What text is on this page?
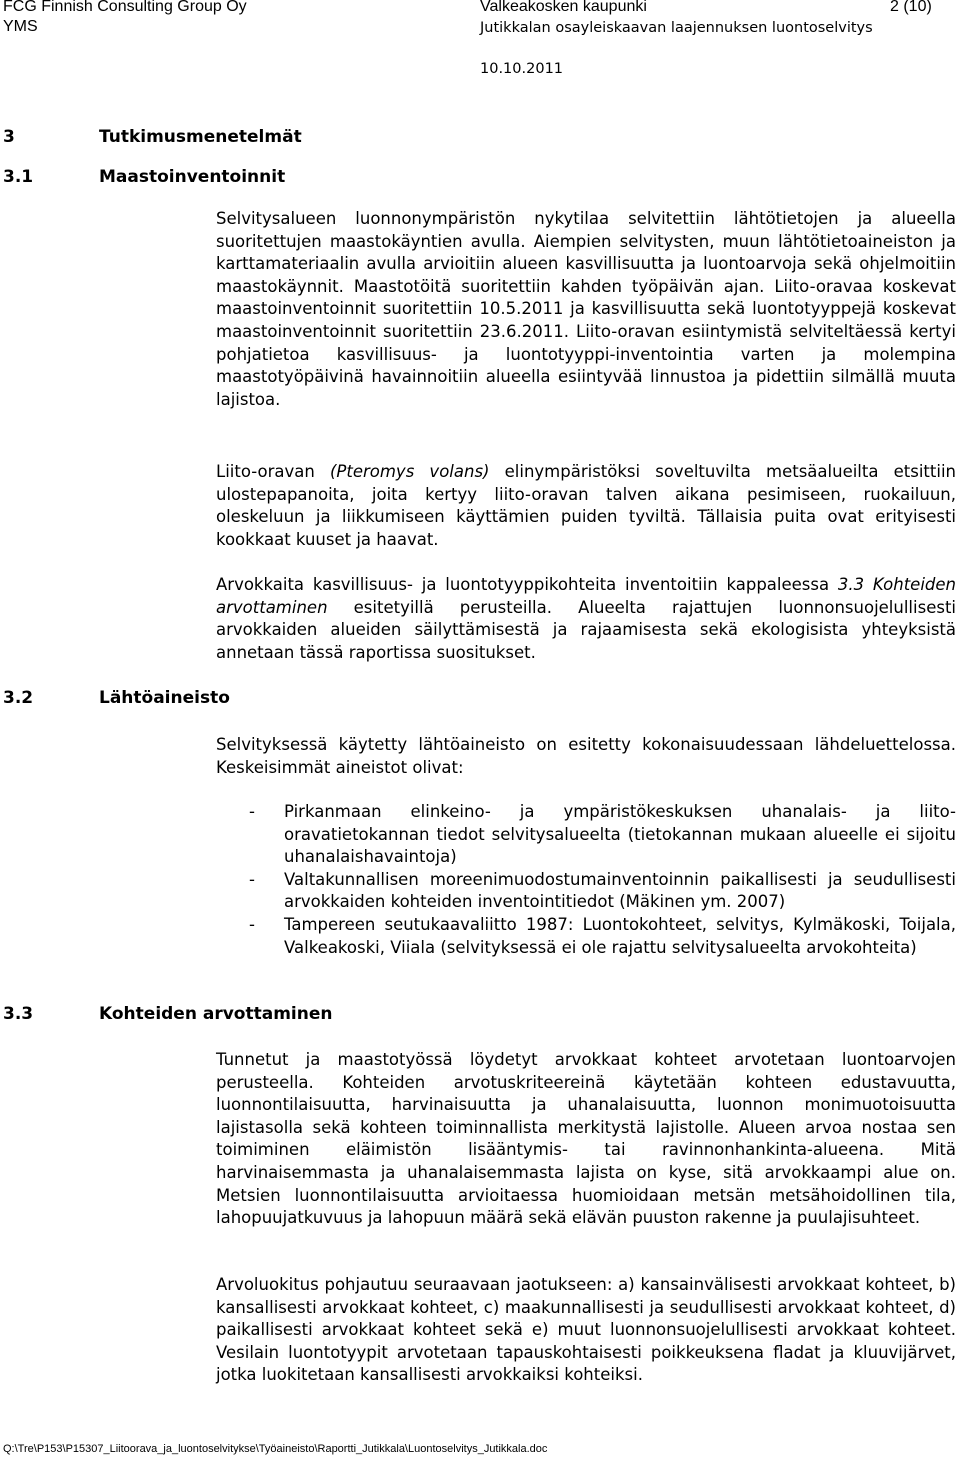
FCG Finnish Consulting Group Oy
YMS
Valkeakosken kaupunki
Jutikkalan osayleiskaavan laajennuksen luontoselvitys
2 (10)
10.10.2011
3	Tutkimusmenetelmät
3.1	Maastoinventoinnit
3.2	Lähtöaineisto
3.3	Kohteiden arvottaminen

Selvitysalueen luonnonympäristön nykytilaa selvitettiin lähtötietojen ja alueella suoritettujen maastokäyntien avulla. Aiempien selvitysten, muun lähtötietoaineiston ja karttamateriaalin avulla arvioitiin alueen kasvillisuutta ja luontoarvoja sekä ohjelmoitiin maastokäynnit. Maastotöitä suoritettiin kahden työpäivän ajan. Liito-oravaa koskevat maastoinventoinnit suoritettiin 10.5.2011 ja kasvillisuutta sekä luontotyyppejä koskevat maastoinventoinnit suoritettiin 23.6.2011. Liito-oravan esiintymistä selviteltäessä kertyi pohjatietoa kasvillisuus- ja luontotyyppi-inventointia varten ja molempina maastotyöpäivinä havainnoitiin alueella esiintyvää linnustoa ja pidettiin silmällä muuta lajistoa.

Liito-oravan (Pteromys volans) elinympäristöksi soveltuvilta metsäalueilta etsittiin ulostepapanoita, joita kertyy liito-oravan talven aikana pesimiseen, ruokailuun, oleskeluun ja liikkumiseen käyttämien puiden tyviltä. Tällaisia puita ovat erityisesti kookkaat kuuset ja haavat.

Arvokkaita kasvillisuus- ja luontotyyppikohteita inventoitiin kappaleessa 3.3 Kohteiden arvottaminen esitetyillä perusteilla. Alueelta rajattujen luonnonsuojelullisesti arvokkaiden alueiden säilyttämisestä ja rajaamisesta sekä ekologisista yhteyksistä annetaan tässä raportissa suositukset.

Selvityksessä käytetty lähtöaineisto on esitetty kokonaisuudessaan lähdeluettelossa. Keskeisimmät aineistot olivat:

- Pirkanmaan elinkeino- ja ympäristökeskuksen uhanalais- ja liito-oravatietokannan tiedot selvitysalueelta (tietokannan mukaan alueelle ei sijoitu uhanalaishavaintoja)
- Valtakunnallisen moreenimuodostumainventoinnin paikallisesti ja seudullisesti arvokkaiden kohteiden inventointitiedot (Mäkinen ym. 2007)
- Tampereen seutukaavaliitto 1987: Luontokohteet, selvitys, Kylmäkoski, Toijala, Valkeakoski, Viiala (selvityksessä ei ole rajattu selvitysalueelta arvokohteita)

Tunnetut ja maastotyössä löydetyt arvokkaat kohteet arvotetaan luontoarvojen perusteella. Kohteiden arvotuskriteereinä käytetään kohteen edustavuutta, luonnontilaisuutta, harvinaisuutta ja uhanalaisuutta, luonnon monimuotoisuutta lajistasolla sekä kohteen toiminnallista merkitystä lajistolle. Alueen arvoa nostaa sen toimiminen eläimistön lisääntymis- tai ravinnonhankinta-alueena. Mitä harvinaisemmasta ja uhanalaisemmasta lajista on kyse, sitä arvokkaampi alue on. Metsien luonnontilaisuutta arvioitaessa huomioidaan metsän metsähoidollinen tila, lahopuujatkuvuus ja lahopuun määrä sekä elävän puuston rakenne ja puulajisuhteet.

Arvoluokitus pohjautuu seuraavaan jaotukseen: a) kansainvälisesti arvokkaat kohteet, b) kansallisesti arvokkaat kohteet, c) maakunnallisesti ja seudullisesti arvokkaat kohteet, d) paikallisesti arvokkaat kohteet sekä e) muut luonnonsuojelullisesti arvokkaat kohteet. Vesilain luontotyypit arvotetaan tapauskohtaisesti poikkeuksena fladat ja kluuvijärvet, jotka luokitetaan kansallisesti arvokkaiksi kohteiksi.

Q:\Tre\P153\P15307_Liitoorava_ja_luontoselvitykse\Työaineisto\Raportti_Jutikkala\Luontoselvitys_Jutikkala.doc
